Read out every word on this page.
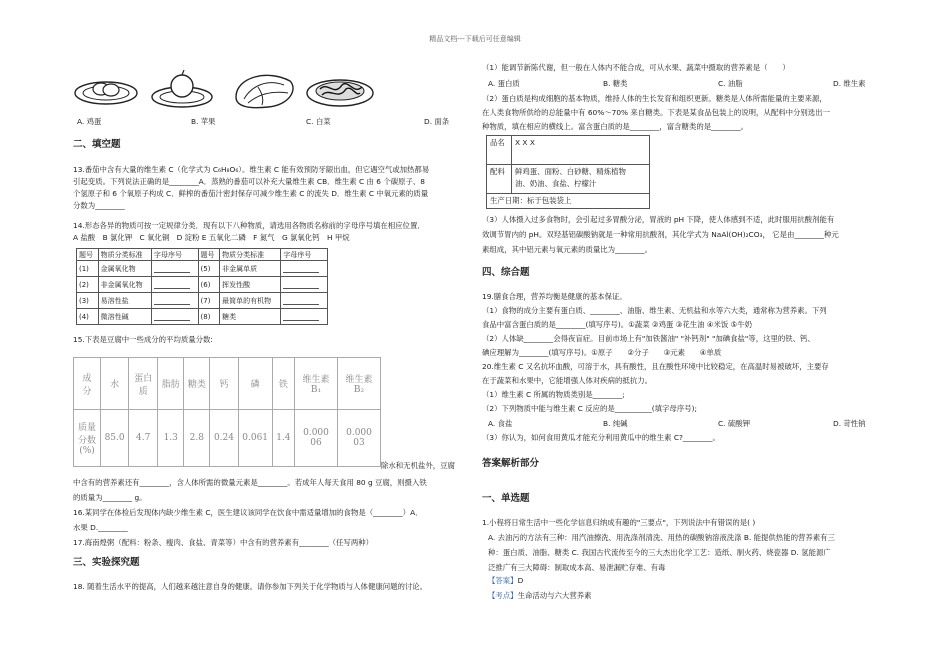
精品文档---下载后可任意编辑
A. 鸡蛋	B. 苹果	C. 白菜	D. 面条
二、填空题
13.番茄中含有大量的维生素 C（化学式为 C₆H₈O₆）。维生素 C 能有效预防牙龈出血，但它遇空气或加热都易
引起变质。下列说法正确的是________A．蒸熟的番茄可以补充大量维生素 CB．维生素 C 由 6 个碳原子、8
个氢原子和 6 个氧原子构成 C．鲜榨的番茄汁密封保存可减少维生素 C 的流失 D．维生素 C 中氧元素的质量
分数为________
14.形态各异的物质可按一定规律分类．现有以下八种物质，请选用各物质名称前的字母序号填在相应位置．
A 盐酸　B 氯化钾　C 氧化铜　D 淀粉 E 五氧化二磷　F 氮气　G 氯氧化钙　H 甲烷
题号	物质分类标准	字母序号	题号	物质分类标准	字母序号
(1)	金属氧化物		(5)	非金属单质	
(2)	非金属氧化物		(6)	挥发性酸	
(3)	易溶性盐		(7)	最简单的有机物	
(4)	微溶性碱		(8)	糖类	
15.下表是豆腐中一些成分的平均质量分数:
成 分	水	蛋白质	脂肪	糖类	钙	磷	铁	维生素 B₁	维生素 B₂
质量分数(%)	85.0	4.7	1.3	2.8	0.24	0.061	1.4	0.000 06	0.000 03
除水和无机盐外，豆腐
中含有的营养素还有________，含人体所需的微量元素是________。若成年人每天食用 80 g 豆腐，则摄入铁
的质量为________ g。
16.某同学在体检后发现体内缺少维生素 C，医生建议该同学在饮食中需适量增加的食物是（________）A．
水果 D.________
17.海南煌粥（配料：粉条、瘦肉、食盐、青菜等）中含有的营养素有________（任写两种）
三、实验探究题
18. 随着生活水平的提高，人们越来越注意自身的健康。请你参加下列关于化学物质与人体健康问题的讨论。
（1）能调节新陈代谢，但一般在人体内不能合成，可从水果、蔬菜中摄取的营养素是（　　）
A. 蛋白质	B. 糖类	C. 油脂	D. 维生素
（2）蛋白质是构成细胞的基本物质，维持人体的生长发育和组织更新。糖类是人体所需能量的主要来源，
在人类食物所供给的总能量中有 60%～70% 来自糖类。下表是某食品包装上的说明，从配料中分别选出一
种物质，填在相应的横线上。富含蛋白质的是________，富含糖类的是________。
品名	X X X
配料	鲜鸡蛋、面粉、白砂糖、精炼植物
油、奶油、食盐、柠檬汁

生产日期：标于包装袋上	
（3）人体摄入过多食物时，会引起过多胃酸分泌，胃液的 pH 下降，使人体感到不适，此时服用抗酸剂能有
效调节胃内的 pH。双羟基铝碳酸钠就是一种常用抗酸剂，其化学式为 NaAl(OH)₂CO₃， 它是由________种元
素组成，其中铝元素与氧元素的质量比为________。
四、综合题
19.膳食合理，营养均衡是健康的基本保证。
（1）食物的成分主要有蛋白质、________、油脂、维生素、无机盐和水等六大类，通常称为营养素。下列
食品中富含蛋白质的是________(填写序号)。①蔬菜 ②鸡蛋 ③花生油 ④米饭 ⑤牛奶
（2）人体缺________会得夜盲症。目前市场上有"加铁酱油" "补钙剂" "加碘食盐"等，这里的铁、钙、
碘应理解为________(填写序号)。①原子　　②分子　　③元素　　④单质
20.维生素 C 又名抗坏血酸，可溶于水，具有酸性，且在酸性环境中比较稳定，在高温时易被破坏，主要存
在于蔬菜和水果中，它能增强人体对疾病的抵抗力。
（1）维生素 C 所属的物质类别是________;
（2）下列物质中能与维生素 C 反应的是__________(填字母序号);
A. 食盐	B. 纯碱	C. 硫酸钾	D. 苛性钠
（3）你认为，如何食用黄瓜才能充分利用黄瓜中的维生素 C?________。
答案解析部分
一、单选题
1.小程将日常生活中一些化学信息归纳成有趣的"三要点"，下列说法中有错误的是( )
A. 去油污的方法有三种：用汽油擦洗、用洗涤剂清洗、用热的碳酸钠溶液洗涤 B. 能提供热能的营养素有三
种：蛋白质、油脂、糖类 C. 我国古代流传至今的三大杰出化学工艺：造纸、制火药、烧瓷器 D. 氢能源广
泛推广有三大障碍：制取成本高、易泄漏贮存难、有毒
【答案】D
【考点】生命活动与六大营养素
